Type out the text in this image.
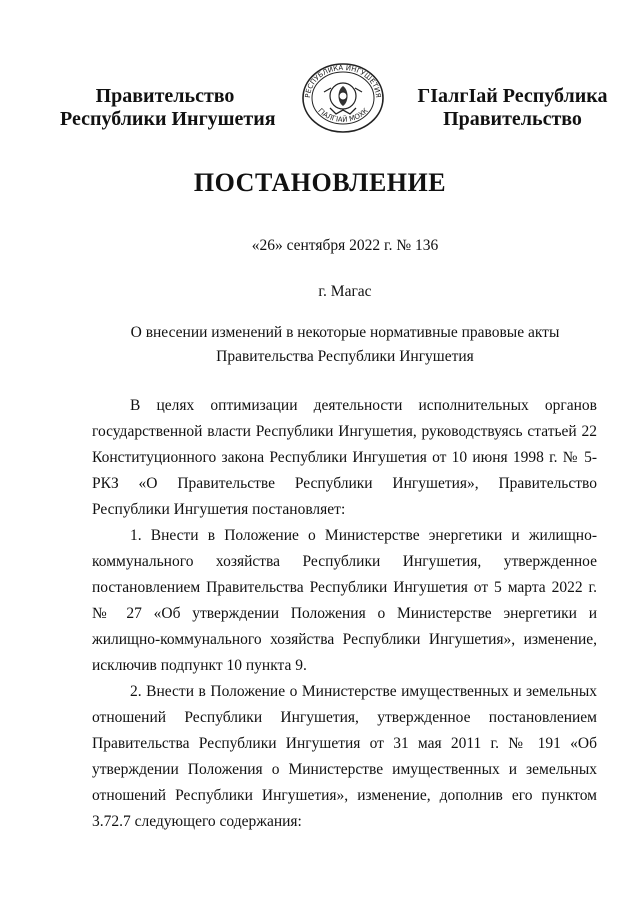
Правительство
Республики Ингушетия
РЕСПУБЛИКА ИНГУШЕТИЯ
ГIАЛГIАЙ МОХК
ГIалгIай Республика
Правительство
ПОСТАНОВЛЕНИЕ
«26» сентября 2022 г. № 136
г. Магас
О внесении изменений в некоторые нормативные правовые акты Правительства Республики Ингушетия

В целях оптимизации деятельности исполнительных органов государственной власти Республики Ингушетия, руководствуясь статьей 22 Конституционного закона Республики Ингушетия от 10 июня 1998 г. № 5-РКЗ «О Правительстве Республики Ингушетия», Правительство Республики Ингушетия постановляет:

1. Внести в Положение о Министерстве энергетики и жилищно-коммунального хозяйства Республики Ингушетия, утвержденное постановлением Правительства Республики Ингушетия от 5 марта 2022 г. № 27 «Об утверждении Положения о Министерстве энергетики и жилищно-коммунального хозяйства Республики Ингушетия», изменение, исключив подпункт 10 пункта 9.

2. Внести в Положение о Министерстве имущественных и земельных отношений Республики Ингушетия, утвержденное постановлением Правительства Республики Ингушетия от 31 мая 2011 г. № 191 «Об утверждении Положения о Министерстве имущественных и земельных отношений Республики Ингушетия», изменение, дополнив его пунктом 3.72.7 следующего содержания:
